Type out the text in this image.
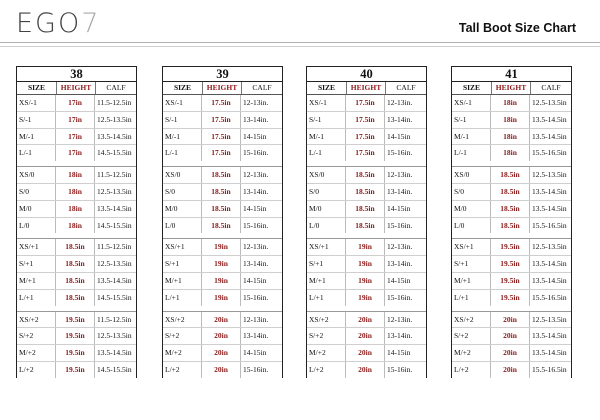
EGO7	Tall Boot Size Chart
38
SIZE	HEIGHT	CALF
XS/-1	17in	11.5-12.5in
S/-1	17in	12.5-13.5in
M/-1	17in	13.5-14.5in
L/-1	17in	14.5-15.5in
XS/0	18in	11.5-12.5in
S/0	18in	12.5-13.5in
M/0	18in	13.5-14.5in
L/0	18in	14.5-15.5in
XS/+1	18.5in	11.5-12.5in
S/+1	18.5in	12.5-13.5in
M/+1	18.5in	13.5-14.5in
L/+1	18.5in	14.5-15.5in
XS/+2	19.5in	11.5-12.5in
S/+2	19.5in	12.5-13.5in
M/+2	19.5in	13.5-14.5in
L/+2	19.5in	14.5-15.5in
39
SIZE	HEIGHT	CALF
XS/-1	17.5in	12-13in.
S/-1	17.5in	13-14in.
M/-1	17.5in	14-15in
L/-1	17.5in	15-16in.
XS/0	18.5in	12-13in.
S/0	18.5in	13-14in.
M/0	18.5in	14-15in
L/0	18.5in	15-16in.
XS/+1	19in	12-13in.
S/+1	19in	13-14in.
M/+1	19in	14-15in
L/+1	19in	15-16in.
XS/+2	20in	12-13in.
S/+2	20in	13-14in.
M/+2	20in	14-15in
L/+2	20in	15-16in.
40
SIZE	HEIGHT	CALF
XS/-1	17.5in	12-13in.
S/-1	17.5in	13-14in.
M/-1	17.5in	14-15in
L/-1	17.5in	15-16in.
XS/0	18.5in	12-13in.
S/0	18.5in	13-14in.
M/0	18.5in	14-15in
L/0	18.5in	15-16in.
XS/+1	19in	12-13in.
S/+1	19in	13-14in.
M/+1	19in	14-15in
L/+1	19in	15-16in.
XS/+2	20in	12-13in.
S/+2	20in	13-14in.
M/+2	20in	14-15in
L/+2	20in	15-16in.
41
SIZE	HEIGHT	CALF
XS/-1	18in	12.5-13.5in
S/-1	18in	13.5-14.5in
M/-1	18in	13.5-14.5in
L/-1	18in	15.5-16.5in
XS/0	18.5in	12.5-13.5in
S/0	18.5in	13.5-14.5in
M/0	18.5in	13.5-14.5in
L/0	18.5in	15.5-16.5in
XS/+1	19.5in	12.5-13.5in
S/+1	19.5in	13.5-14.5in
M/+1	19.5in	13.5-14.5in
L/+1	19.5in	15.5-16.5in
XS/+2	20in	12.5-13.5in
S/+2	20in	13.5-14.5in
M/+2	20in	13.5-14.5in
L/+2	20in	15.5-16.5in
